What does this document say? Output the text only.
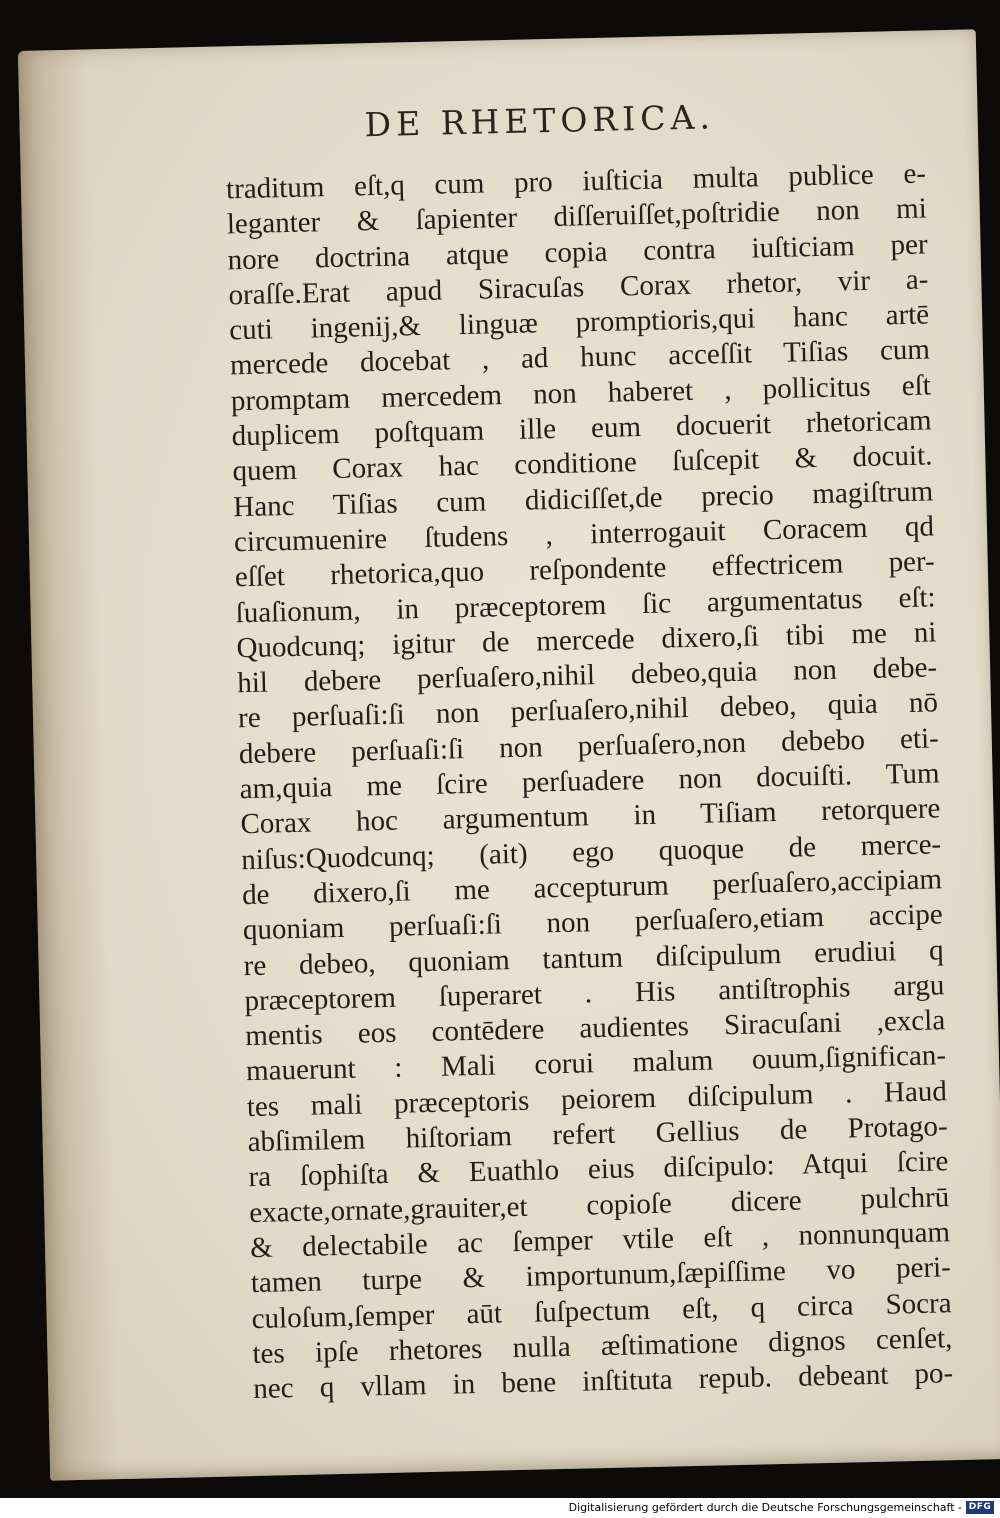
DE RHETORICA.
traditum eſt,q cum pro iuſticia multa publice e-
leganter & ſapienter diſſeruiſſet,poſtridie non mi
nore doctrina atque copia contra iuſticiam per
oraſſe.Erat apud Siracuſas Corax rhetor, vir a-
cuti ingenij,& linguæ promptioris,qui hanc artē
mercede docebat , ad hunc acceſſit Tiſias cum
promptam mercedem non haberet , pollicitus eſt
duplicem poſtquam ille eum docuerit rhetoricam
quem Corax hac conditione ſuſcepit & docuit.
Hanc Tiſias cum didiciſſet,de precio magiſtrum
circumuenire ſtudens , interrogauit Coracem qd
eſſet rhetorica,quo reſpondente effectricem per-
ſuaſionum, in præceptorem ſic argumentatus eſt:
Quodcunq; igitur de mercede dixero,ſi tibi me ni
hil debere perſuaſero,nihil debeo,quia non debe-
re perſuaſi:ſi non perſuaſero,nihil debeo, quia nō
debere perſuaſi:ſi non perſuaſero,non debebo eti-
am,quia me ſcire perſuadere non docuiſti. Tum
Corax hoc argumentum in Tiſiam retorquere
niſus:Quodcunq; (ait) ego quoque de merce-
de dixero,ſi me accepturum perſuaſero,accipiam
quoniam perſuaſi:ſi non perſuaſero,etiam accipe
re debeo, quoniam tantum diſcipulum erudiui q
præceptorem ſuperaret . His antiſtrophis argu
mentis eos contēdere audientes Siracuſani ,excla
mauerunt : Mali corui malum ouum,ſignifican-
tes mali præceptoris peiorem diſcipulum . Haud
abſimilem hiſtoriam refert Gellius de Protago-
ra ſophiſta & Euathlo eius diſcipulo: Atqui ſcire
exacte,ornate,grauiter,et copioſe dicere pulchrū
& delectabile ac ſemper vtile eſt , nonnunquam
tamen turpe & importunum,ſæpiſſime vo peri-
culoſum,ſemper aūt ſuſpectum eſt, q circa Socra
tes ipſe rhetores nulla æſtimatione dignos cenſet,
nec q vllam in bene inſtituta repub. debeant po-
Digitalisierung gefördert durch die Deutsche Forschungsgemeinschaft - DFG
